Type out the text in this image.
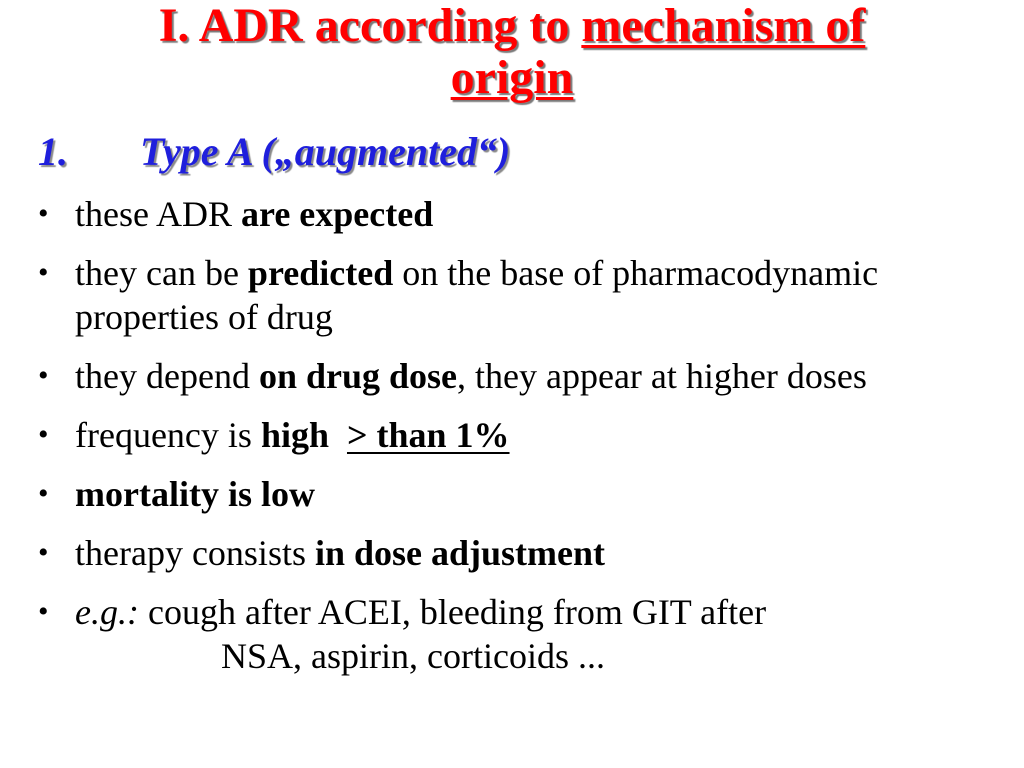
I. ADR according to mechanism of
origin
1. Type A („augmented“)
• these ADR are expected
• they can be predicted on the base of pharmacodynamic properties of drug
• they depend on drug dose, they appear at higher doses
• frequency is high > than 1%
• mortality is low
• therapy consists in dose adjustment
• e.g.: cough after ACEI, bleeding from GIT after
NSA, aspirin, corticoids ...
